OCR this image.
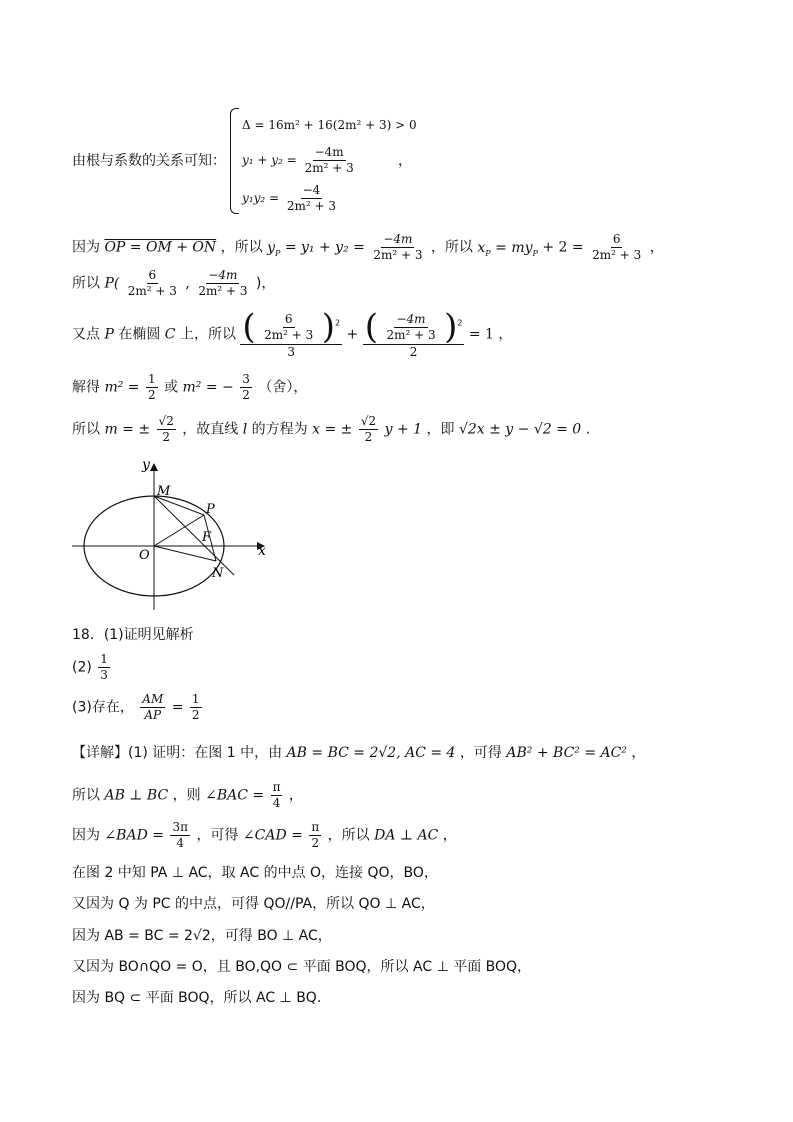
由根与系数的关系可知：
Δ = 16m² + 16(2m² + 3) > 0
$y_1 + y_2 = \frac{-4m}{\text{2m² + 3}}$
$y_1y_2 = \frac{-4}{\text{2m² + 3}}$
，
因为 OP = OM + ON ，所以 $y_P = y_1 + y_2 = \frac{-4m}{\text{2m² + 3}}$ ，所以 $x_P = my_P + 2 = \frac{6}{\text{2m² + 3}}$ ，
所以 $P( \frac{6}{\text{2m² + 3}}$ , $\frac{-4m}{\text{2m² + 3}}$ )，
又点 P 在椭圆 C 上，所以 $\frac{( \frac{6}{\text{2m² + 3}} )^2}{3} + \frac{( \frac{-4m}{\text{2m² + 3}} )^2}{2} = 1$ ，
解得 $m^2 = \frac{1}{2}$ 或 m² = − $\frac{3}{2}$ （舍），
所以 m = ± $\frac{√2}{2}$ ，故直线 l 的方程为 x = ± $\frac{√2}{2}$ y + 1 ，即 √2x ± y − √2 = 0 .
y
x
M
P
F
O
N
18．(1)证明见解析
$(2) \frac{1}{3}$
(3)存在， $\frac{AM}{AP} = \frac{1}{2}$
【详解】(1) 证明：在图 1 中，由 AB = BC = 2√2, AC = 4 ，可得 AB² + BC² = AC² ，
所以 AB ⊥ BC ，则 ∠BAC = $\frac{\pi}{4}$ ，
因为 ∠BAD = $\frac{3\pi}{4}$ ，可得 ∠CAD = $\frac{\pi}{2}$ ，所以 DA ⊥ AC ，
在图 2 中知 PA ⊥ AC，取 AC 的中点 O，连接 QO，BO，
又因为 Q 为 PC 的中点，可得 QO//PA，所以 QO ⊥ AC，
因为 AB = BC = 2√2，可得 BO ⊥ AC，
又因为 BO∩QO = O，且 BO,QO ⊂ 平面 BOQ，所以 AC ⊥ 平面 BOQ，
因为 BQ ⊂ 平面 BOQ，所以 AC ⊥ BQ.
